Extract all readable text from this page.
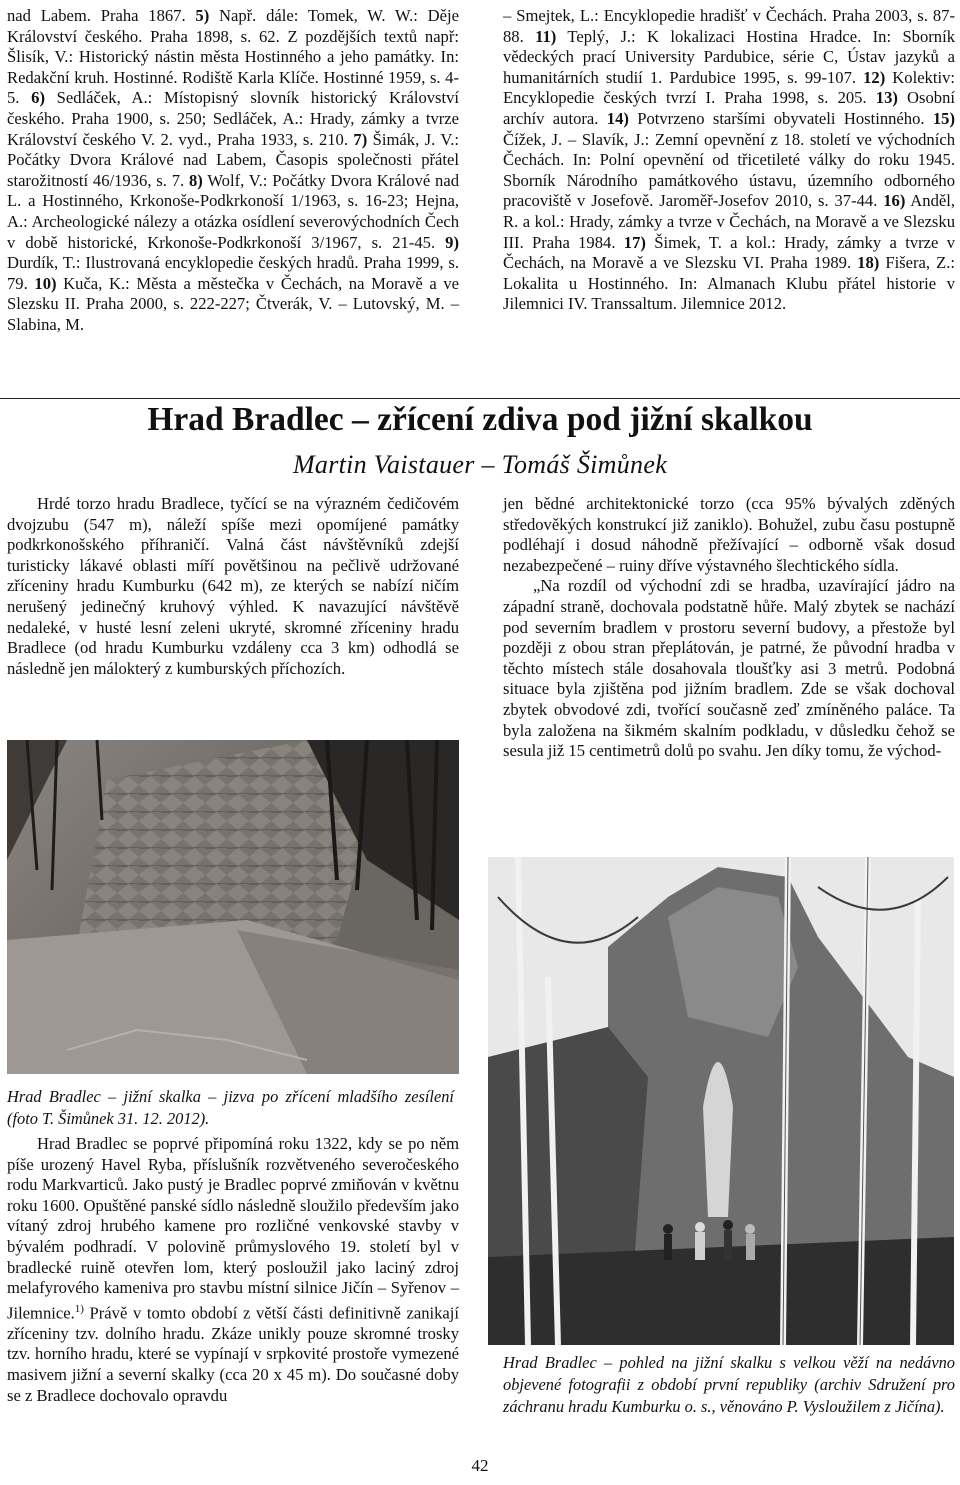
nad Labem. Praha 1867. 5) Např. dále: Tomek, W. W.: Děje Království českého. Praha 1898, s. 62. Z pozdějších textů např: Šlisík, V.: Historický nástin města Hostinného a jeho památky. In: Redakční kruh. Hostinné. Rodiště Karla Klíče. Hostinné 1959, s. 4-5. 6) Sedláček, A.: Místopisný slovník historický Království českého. Praha 1900, s. 250; Sedláček, A.: Hrady, zámky a tvrze Království českého V. 2. vyd., Praha 1933, s. 210. 7) Šimák, J. V.: Počátky Dvora Králové nad Labem, Časopis společnosti přátel starožitností 46/1936, s. 7. 8) Wolf, V.: Počátky Dvora Králové nad L. a Hostinného, Krkonoše-Podkrkonoší 1/1963, s. 16-23; Hejna, A.: Archeologické nálezy a otázka osídlení severovýchodních Čech v době historické, Krkonoše-Podkrkonoší 3/1967, s. 21-45. 9) Durdík, T.: Ilustrovaná encyklopedie českých hradů. Praha 1999, s. 79. 10) Kuča, K.: Města a městečka v Čechách, na Moravě a ve Slezsku II. Praha 2000, s. 222-227; Čtverák, V. – Lutovský, M. – Slabina, M.
– Smejtek, L.: Encyklopedie hradišť v Čechách. Praha 2003, s. 87-88. 11) Teplý, J.: K lokalizaci Hostina Hradce. In: Sborník vědeckých prací University Pardubice, série C, Ústav jazyků a humanitárních studií 1. Pardubice 1995, s. 99-107. 12) Kolektiv: Encyklopedie českých tvrzí I. Praha 1998, s. 205. 13) Osobní archív autora. 14) Potvrzeno staršími obyvateli Hostinného. 15) Čížek, J. – Slavík, J.: Zemní opevnění z 18. století ve východních Čechách. In: Polní opevnění od třicetileté války do roku 1945. Sborník Národního památkového ústavu, územního odborného pracoviště v Josefově. Jaroměř-Josefov 2010, s. 37-44. 16) Anděl, R. a kol.: Hrady, zámky a tvrze v Čechách, na Moravě a ve Slezsku III. Praha 1984. 17) Šimek, T. a kol.: Hrady, zámky a tvrze v Čechách, na Moravě a ve Slezsku VI. Praha 1989. 18) Fišera, Z.: Lokalita u Hostinného. In: Almanach Klubu přátel historie v Jilemnici IV. Transsaltum. Jilemnice 2012.
Hrad Bradlec – zřícení zdiva pod jižní skalkou
Martin Vaistauer – Tomáš Šimůnek

Hrdé torzo hradu Bradlece, tyčící se na výrazném čedičovém dvojzubu (547 m), náleží spíše mezi opomíjené památky podkrkonošského příhraničí. Valná část návštěvníků zdejší turisticky lákavé oblasti míří povětšinou na pečlivě udržované zříceniny hradu Kumburku (642 m), ze kterých se nabízí ničím nerušený jedinečný kruhový výhled. K navazující návštěvě nedaleké, v husté lesní zeleni ukryté, skromné zříceniny hradu Bradlece (od hradu Kumburku vzdáleny cca 3 km) odhodlá se následně jen málokterý z kumburských příchozích.

jen bědné architektonické torzo (cca 95% bývalých zděných středověkých konstrukcí již zaniklo). Bohužel, zubu času postupně podléhají i dosud náhodně přežívající – odborně však dosud nezabezpečené – ruiny dříve výstavného šlechtického sídla.

„Na rozdíl od východní zdi se hradba, uzavírající jádro na západní straně, dochovala podstatně hůře. Malý zbytek se nachází pod severním bradlem v prostoru severní budovy, a přestože byl později z obou stran přeplátován, je patrné, že původní hradba v těchto místech stále dosahovala tloušťky asi 3 metrů. Podobná situace byla zjištěna pod jižním bradlem. Zde se však dochoval zbytek obvodové zdi, tvořící současně zeď zmíněného paláce. Ta byla založena na šikmém skalním podkladu, v důsledku čehož se sesula již 15 centimetrů dolů po svahu. Jen díky tomu, že východ-

Hrad Bradlec – jižní skalka – jizva po zřícení mladšího zesílení (foto T. Šimůnek 31. 12. 2012).

Hrad Bradlec se poprvé připomíná roku 1322, kdy se po něm píše urozený Havel Ryba, příslušník rozvětveného severočeského rodu Markvarticů. Jako pustý je Bradlec poprvé zmiňován v květnu roku 1600. Opuštěné panské sídlo následně sloužilo především jako vítaný zdroj hrubého kamene pro rozličné venkovské stavby v bývalém podhradí. V polovině průmyslového 19. století byl v bradlecké ruině otevřen lom, který posloužil jako laciný zdroj melafyrového kameniva pro stavbu místní silnice Jičín – Syřenov – Jilemnice.$^{1)}$ Právě v tomto období z větší části definitivně zanikají zříceniny tzv. dolního hradu. Zkáze unikly pouze skromné trosky tzv. horního hradu, které se vypínají v srpkovité prostoře vymezené masivem jižní a severní skalky (cca 20 x 45 m). Do současné doby se z Bradlece dochovalo opravdu

Hrad Bradlec – pohled na jižní skalku s velkou věží na nedávno objevené fotografii z období první republiky (archiv Sdružení pro záchranu hradu Kumburku o. s., věnováno P. Vysloužilem z Jičína).
42
